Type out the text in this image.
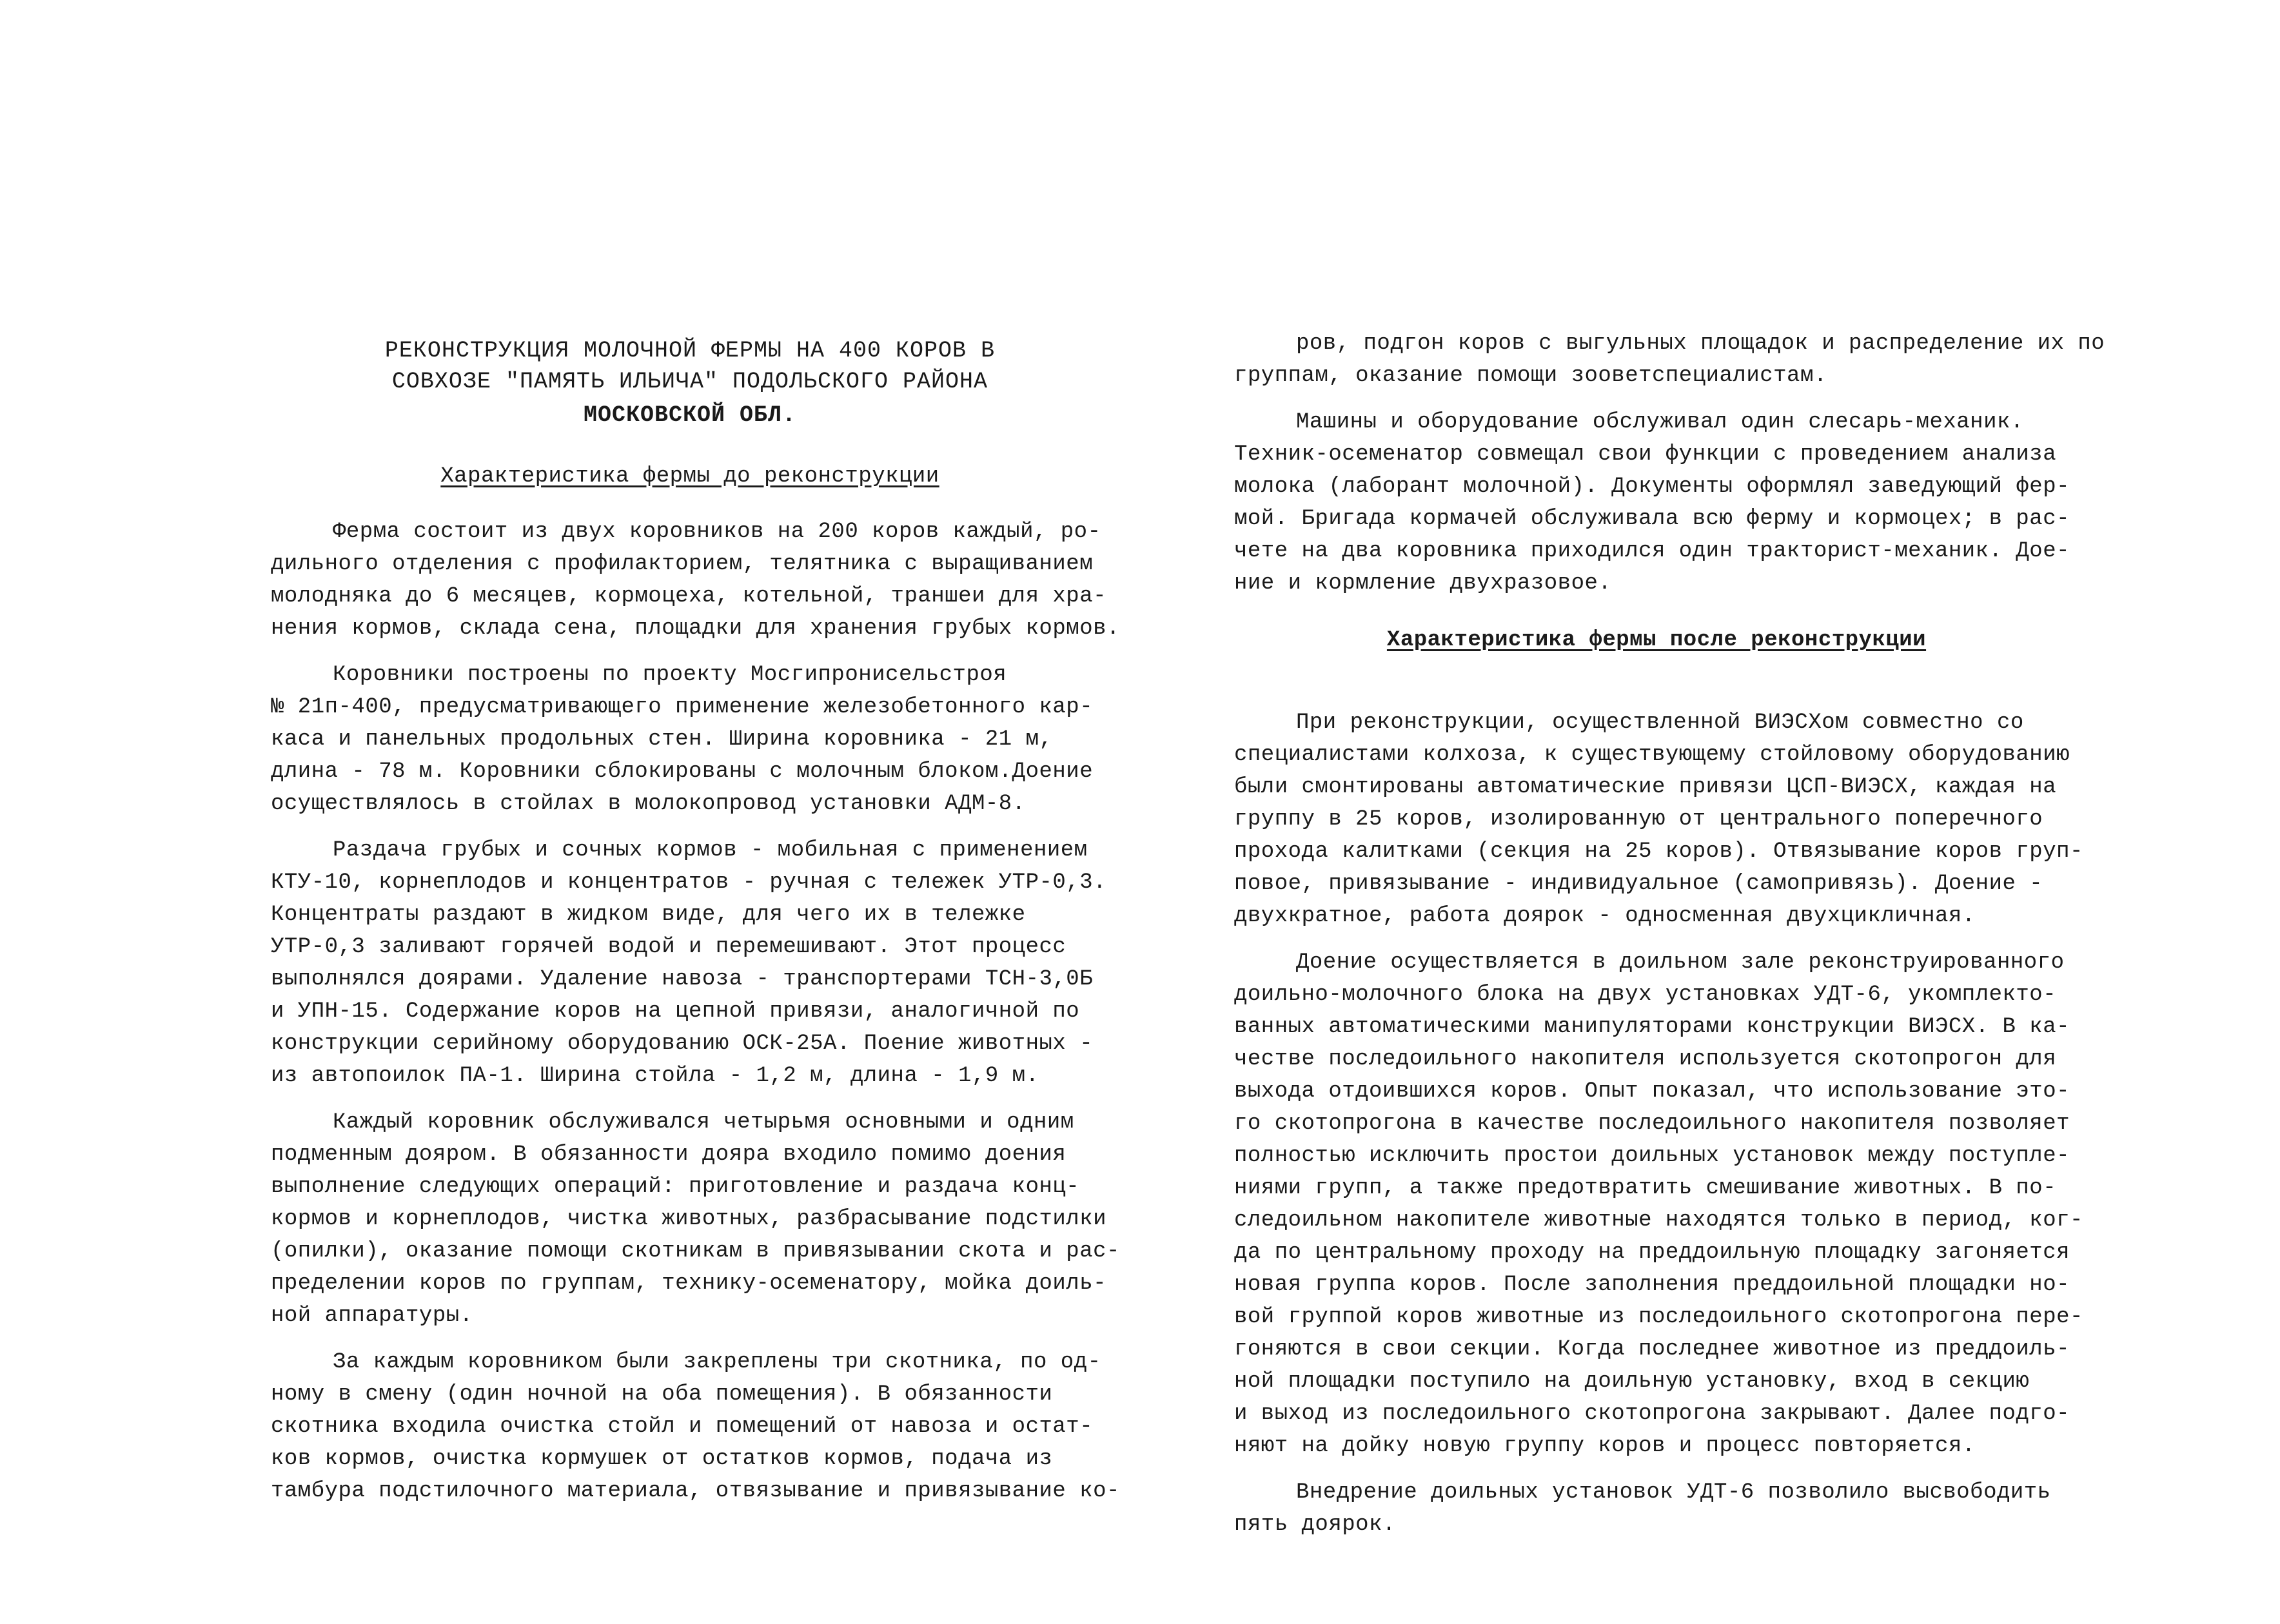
РЕКОНСТРУКЦИЯ МОЛОЧНОЙ ФЕРМЫ НА 400 КОРОВ В
СОВХОЗЕ "ПАМЯТЬ ИЛЬИЧА" ПОДОЛЬСКОГО РАЙОНА
МОСКОВСКОЙ ОБЛ.
Характеристика фермы до реконструкции
Ферма состоит из двух коровников на 200 коров каждый, ро-
дильного отделения с профилакторием, телятника с выращиванием
молодняка до 6 месяцев, кормоцеха, котельной, траншеи для хра-
нения кормов, склада сена, площадки для хранения грубых кормов.
Коровники построены по проекту Мосгипронисельстроя
№ 21п-400, предусматривающего применение железобетонного кар-
каса и панельных продольных стен. Ширина коровника - 21 м,
длина - 78 м. Коровники сблокированы с молочным блоком.Доение
осуществлялось в стойлах в молокопровод установки АДМ-8.
Раздача грубых и сочных кормов - мобильная с применением
КТУ-10, корнеплодов и концентратов - ручная с тележек УТР-0,3.
Концентраты раздают в жидком виде, для чего их в тележке
УТР-0,3 заливают горячей водой и перемешивают. Этот процесс
выполнялся доярами. Удаление навоза - транспортерами ТСН-3,0Б
и УПН-15. Содержание коров на цепной привязи, аналогичной по
конструкции серийному оборудованию ОСК-25А. Поение животных -
из автопоилок ПА-1. Ширина стойла - 1,2 м, длина - 1,9 м.
Каждый коровник обслуживался четырьмя основными и одним
подменным дояром. В обязанности доярa входило помимо доения
выполнение следующих операций: приготовление и раздача конц-
кормов и корнеплодов, чистка животных, разбрасывание подстилки
(опилки), оказание помощи скотникам в привязывании скота и рас-
пределении коров по группам, технику-осеменатору, мойка доиль-
ной аппаратуры.
За каждым коровником были закреплены три скотника, по од-
ному в смену (один ночной на оба помещения). В обязанности
скотника входила очистка стойл и помещений от навоза и остат-
ков кормов, очистка кормушек от остатков кормов, подача из
тамбура подстилочного материала, отвязывание и привязывание ко-
ров, подгон коров с выгульных площадок и распределение их по
группам, оказание помощи зооветспециалистам.
Машины и оборудование обслуживал один слесарь-механик.
Техник-осеменатор совмещал свои функции с проведением анализа
молока (лаборант молочной). Документы оформлял заведующий фер-
мой. Бригада кормачей обслуживала всю ферму и кормоцех; в рас-
чете на два коровника приходился один тракторист-механик. Дое-
ние и кормление двухразовое.
Характеристика фермы после реконструкции
При реконструкции, осуществленной ВИЭСХом совместно со
специалистами колхоза, к существующему стойловому оборудованию
были смонтированы автоматические привязи ЦСП-ВИЭСХ, каждая на
группу в 25 коров, изолированную от центрального поперечного
прохода калитками (секция на 25 коров). Отвязывание коров груп-
повое, привязывание - индивидуальное (самопривязь). Доение -
двухкратное, работа доярок - односменная двухцикличная.
Доение осуществляется в доильном зале реконструированного
доильно-молочного блока на двух установках УДТ-6, укомплекто-
ванных автоматическими манипуляторами конструкции ВИЭСХ. В ка-
честве последоильного накопителя используется скотопрогон для
выхода отдоившихся коров. Опыт показал, что использование это-
го скотопрогона в качестве последоильного накопителя позволяет
полностью исключить простои доильных установок между поступле-
ниями групп, а также предотвратить смешивание животных. В по-
следоильном накопителе животные находятся только в период, ког-
да по центральному проходу на преддоильную площадку загоняется
новая группа коров. После заполнения преддоильной площадки но-
вой группой коров животные из последоильного скотопрогона пере-
гоняются в свои секции. Когда последнее животное из преддоиль-
ной площадки поступило на доильную установку, вход в секцию
и выход из последоильного скотопрогона закрывают. Далее подго-
няют на дойку новую группу коров и процесс повторяется.
Внедрение доильных установок УДТ-6 позволило высвободить
пять доярок.
